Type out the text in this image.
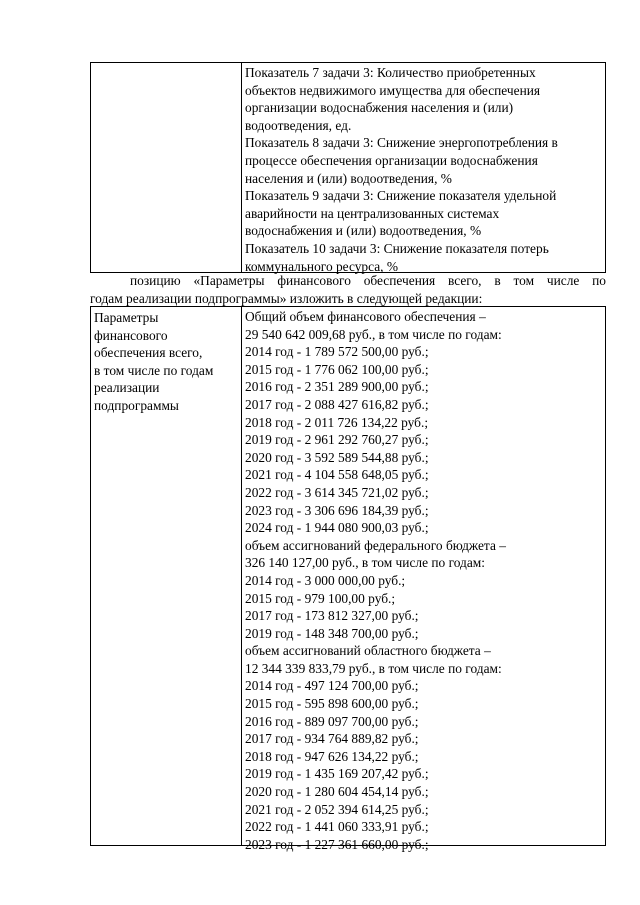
Показатель 7 задачи 3: Количество приобретенных
объектов недвижимого имущества для обеспечения
организации водоснабжения населения и (или)
водоотведения, ед.
Показатель 8 задачи 3: Снижение энергопотребления в
процессе обеспечения организации водоснабжения
населения и (или) водоотведения, %
Показатель 9 задачи 3: Снижение показателя удельной
аварийности на централизованных системах
водоснабжения и (или) водоотведения, %
Показатель 10 задачи 3: Снижение показателя потерь
коммунального ресурса, %
позицию «Параметры финансового обеспечения всего, в том числе по
годам реализации подпрограммы» изложить в следующей редакции:
Параметры
финансового
обеспечения всего,
в том числе по годам
реализации
подпрограммы
Общий объем финансового обеспечения –
29 540 642 009,68 руб., в том числе по годам:
2014 год - 1 789 572 500,00 руб.;
2015 год - 1 776 062 100,00 руб.;
2016 год - 2 351 289 900,00 руб.;
2017 год - 2 088 427 616,82 руб.;
2018 год - 2 011 726 134,22 руб.;
2019 год - 2 961 292 760,27 руб.;
2020 год - 3 592 589 544,88 руб.;
2021 год - 4 104 558 648,05 руб.;
2022 год - 3 614 345 721,02 руб.;
2023 год - 3 306 696 184,39 руб.;
2024 год - 1 944 080 900,03 руб.;
объем ассигнований федерального бюджета –
326 140 127,00 руб., в том числе по годам:
2014 год - 3 000 000,00 руб.;
2015 год - 979 100,00 руб.;
2017 год - 173 812 327,00 руб.;
2019 год - 148 348 700,00 руб.;
объем ассигнований областного бюджета –
12 344 339 833,79 руб., в том числе по годам:
2014 год - 497 124 700,00 руб.;
2015 год - 595 898 600,00 руб.;
2016 год - 889 097 700,00 руб.;
2017 год - 934 764 889,82 руб.;
2018 год - 947 626 134,22 руб.;
2019 год - 1 435 169 207,42 руб.;
2020 год - 1 280 604 454,14 руб.;
2021 год - 2 052 394 614,25 руб.;
2022 год - 1 441 060 333,91 руб.;
2023 год - 1 227 361 660,00 руб.;
